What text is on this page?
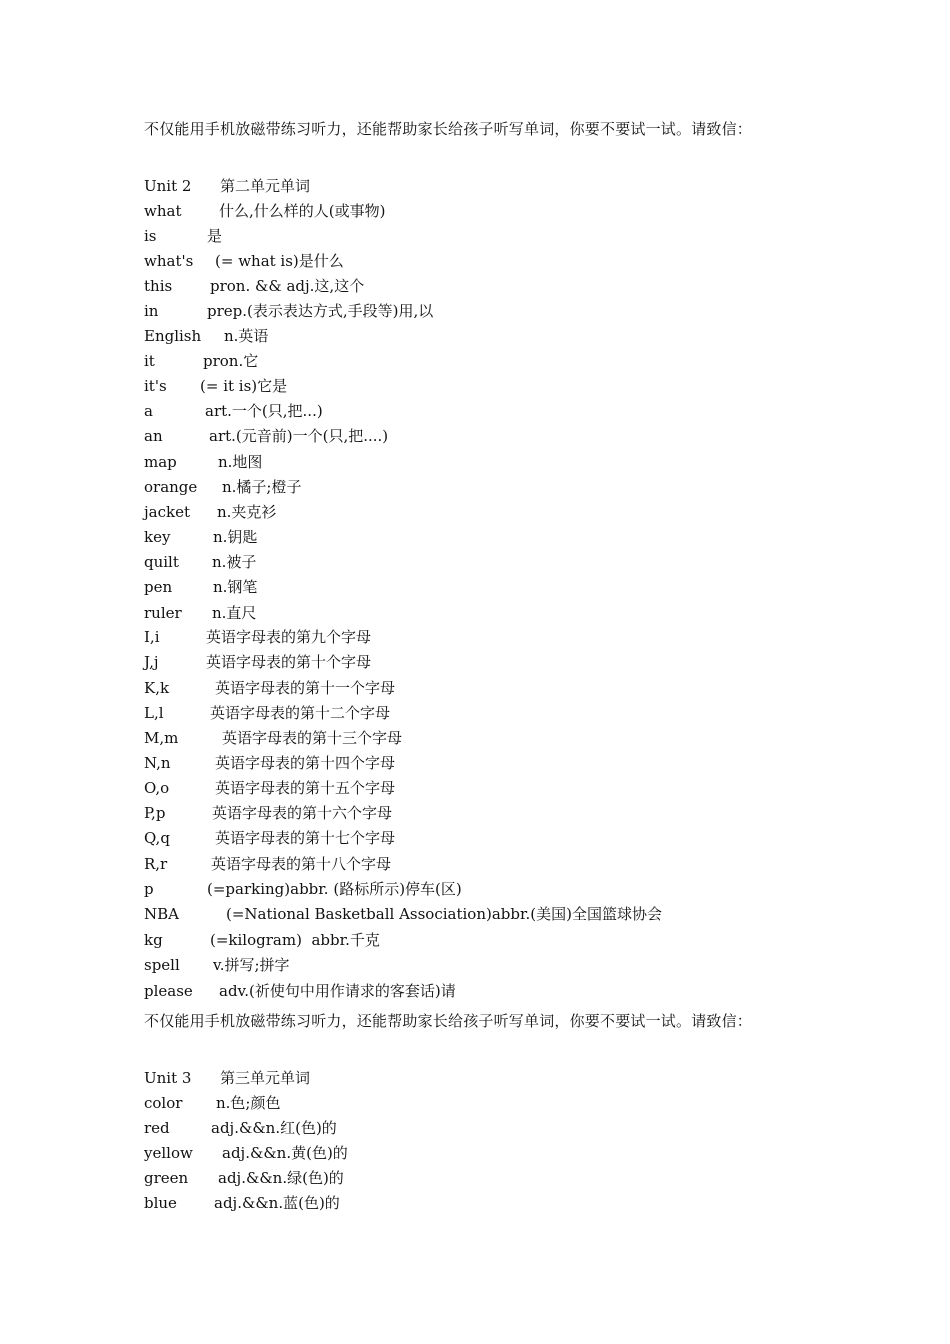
不仅能用手机放磁带练习听力，还能帮助家长给孩子听写单词，你要不要试一试。请致信：
Unit 2 第二单元单词
what	什么,什么样的人(或事物)
is	是
what's (= what is)是什么
this	pron. && adj.这,这个
in	prep.(表示表达方式,手段等)用,以
English n.英语
it	pron.它
it's (= it is)它是
a	art.一个(只,把...)
an	art.(元音前)一个(只,把....)
map	n.地图
orange n.橘子;橙子
jacket n.夹克衫
key	n.钥匙
quilt n.被子
pen	n.钢笔
ruler n.直尺
I,i	英语字母表的第九个字母
J,j	英语字母表的第十个字母
K,k	英语字母表的第十一个字母
L,l	英语字母表的第十二个字母
M,m	英语字母表的第十三个字母
N,n	英语字母表的第十四个字母
O,o	英语字母表的第十五个字母
P,p	英语字母表的第十六个字母
Q,q	英语字母表的第十七个字母
R,r	英语字母表的第十八个字母
p	(=parking)abbr. (路标所示)停车(区)
NBA	(=National Basketball Association)abbr.(美国)全国篮球协会
kg	(=kilogram)  abbr.千克
spell v.拼写;拼字
please adv.(祈使句中用作请求的客套话)请
不仅能用手机放磁带练习听力，还能帮助家长给孩子听写单词，你要不要试一试。请致信：
Unit 3 第三单元单词
color n.色;颜色
red	adj.&&n.红(色)的
yellow adj.&&n.黄(色)的
green adj.&&n.绿(色)的
blue adj.&&n.蓝(色)的
